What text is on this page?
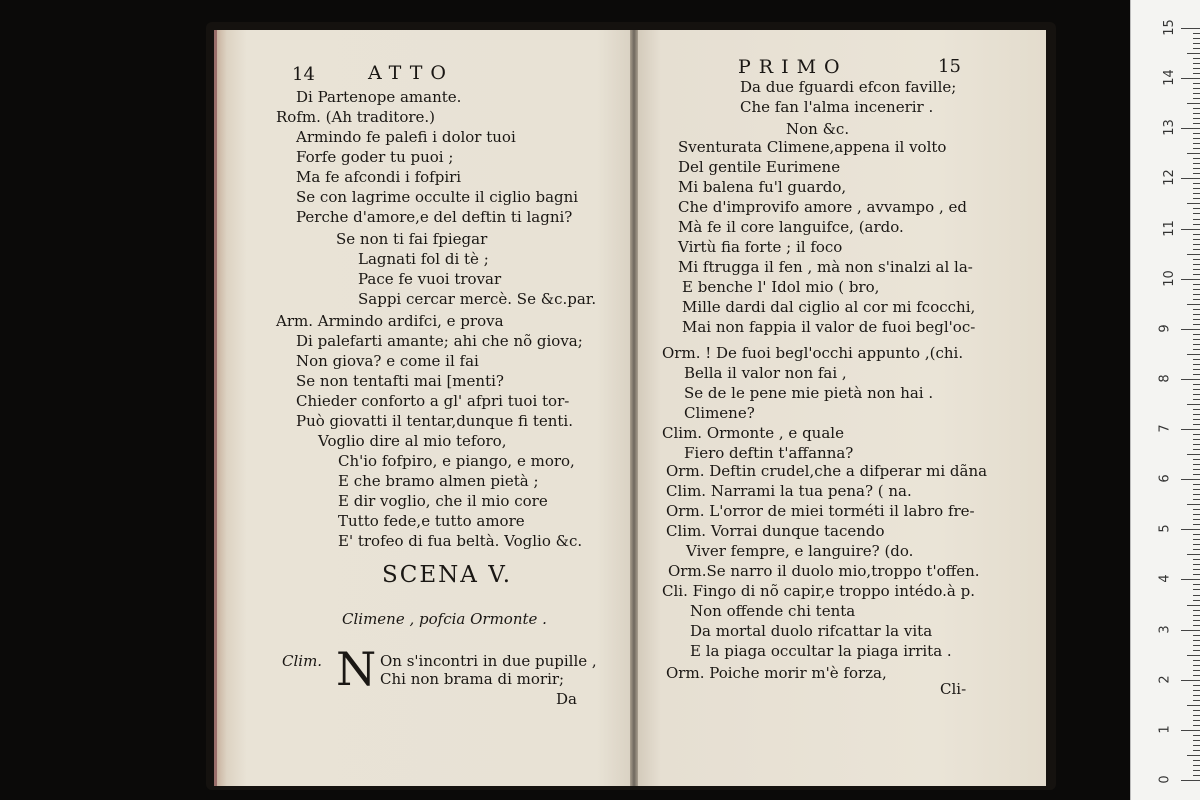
14	ATTO
Di Partenope amante.
Rofm. (Ah traditore.)
Armindo fe palefi i dolor tuoi
Forfe goder tu puoi ;
Ma fe afcondi i fofpiri
Se con lagrime occulte il ciglio bagni
Perche d'amore,e del deftin ti lagni?
Se non ti fai fpiegar
Lagnati fol di tè ;
Pace fe vuoi trovar
Sappi cercar mercè. Se &c.par.
Arm. Armindo ardifci, e prova
Di palefarti amante; ahi che nõ giova;
Non giova? e come il fai
Se non tentafti mai [menti?
Chieder conforto a gl' afpri tuoi tor-
Può giovatti il tentar,dunque fi tenti.
Voglio dire al mio teforo,
Ch'io fofpiro, e piango, e moro,
E che bramo almen pietà ;
E dir voglio, che il mio core
Tutto fede,e tutto amore
E' trofeo di fua beltà. Voglio &c.
SCENA V.
Climene , pofcia Ormonte .
Clim. N On s'incontri in due pupille ,
Chi non brama di morir;
Da
PRIMO	15
Da due fguardi efcon faville;
Che fan l'alma incenerir .
Non &c.
Sventurata Climene,appena il volto
Del gentile Eurimene
Mi balena fu'l guardo,
Che d'improvifo amore , avvampo , ed
Mà fe il core languifce, (ardo.
Virtù fia forte ; il foco
Mi ftrugga il fen , mà non s'inalzi al la-
E benche l' Idol mio ( bro,
Mille dardi dal ciglio al cor mi fcocchi,
Mai non fappia il valor de fuoi begl'oc-
Orm. ! De fuoi begl'occhi appunto ,(chi.
Bella il valor non fai ,
Se de le pene mie pietà non hai .
Climene?
Clim. Ormonte , e quale
Fiero deftin t'affanna?
Orm. Deftin crudel,che a difperar mi dãna
Clim. Narrami la tua pena? ( na.
Orm. L'orror de miei torméti il labro fre-
Clim. Vorrai dunque tacendo
Viver fempre, e languire? (do.
Orm.Se narro il duolo mio,troppo t'offen.
Cli. Fingo di nõ capir,e troppo intédo.à p.
Non offende chi tenta
Da mortal duolo rifcattar la vita
E la piaga occultar la piaga irrita .
Orm. Poiche morir m'è forza,
Cli-
15
14
13
12
11
10
9
8
7
6
5
4
3
2
1
0
